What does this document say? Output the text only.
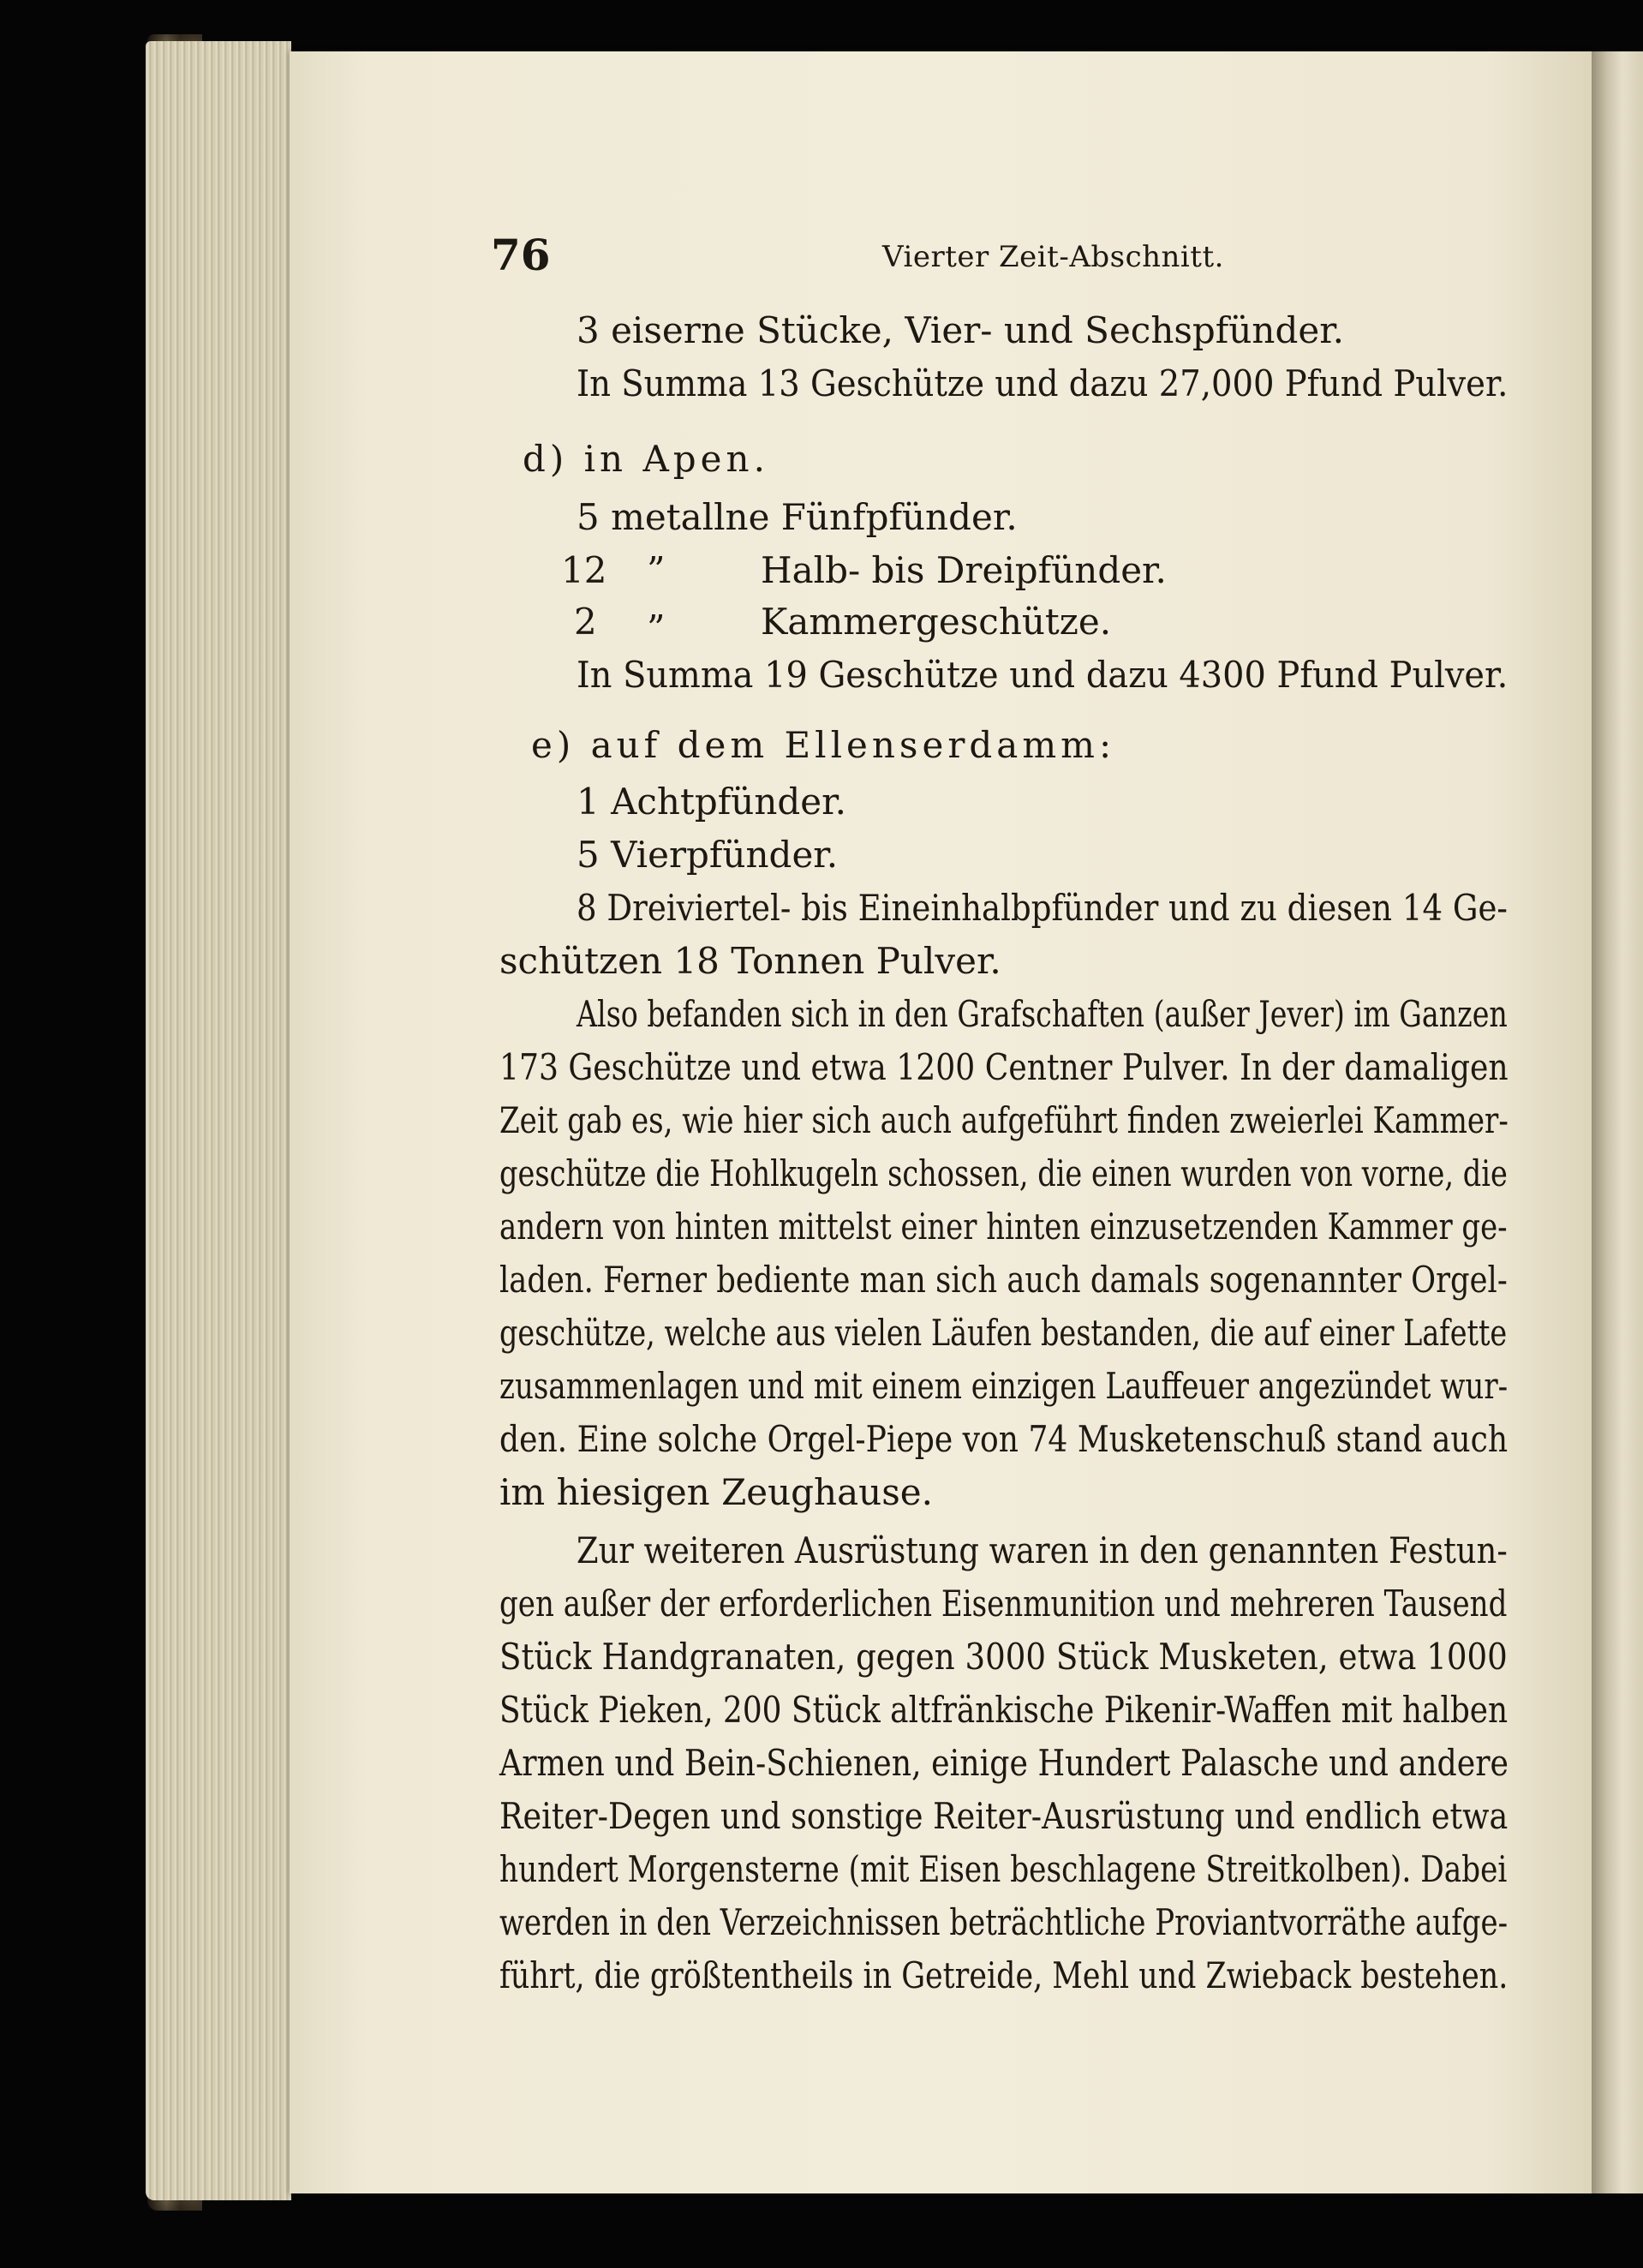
76	Vierter Zeit-Abschnitt.
3 eiserne Stücke, Vier- und Sechspfünder.
In Summa 13 Geschütze und dazu 27,000 Pfund Pulver.
d) in Apen.
5 metallne Fünfpfünder.
12 ”	Halb- bis Dreipfünder.
2 ”	Kammergeschütze.
In Summa 19 Geschütze und dazu 4300 Pfund Pulver.
e) auf dem Ellenserdamm:
1 Achtpfünder.
5 Vierpfünder.
8 Dreiviertel- bis Eineinhalbpfünder und zu diesen 14 Ge-
schützen 18 Tonnen Pulver.
Also befanden sich in den Grafschaften (außer Jever) im Ganzen
173 Geschütze und etwa 1200 Centner Pulver. In der damaligen
Zeit gab es, wie hier sich auch aufgeführt finden zweierlei Kammer-
geschütze die Hohlkugeln schossen, die einen wurden von vorne, die
andern von hinten mittelst einer hinten einzusetzenden Kammer ge-
laden. Ferner bediente man sich auch damals sogenannter Orgel-
geschütze, welche aus vielen Läufen bestanden, die auf einer Lafette
zusammenlagen und mit einem einzigen Lauffeuer angezündet wur-
den. Eine solche Orgel-Piepe von 74 Musketenschuß stand auch
im hiesigen Zeughause.
Zur weiteren Ausrüstung waren in den genannten Festun-
gen außer der erforderlichen Eisenmunition und mehreren Tausend
Stück Handgranaten, gegen 3000 Stück Musketen, etwa 1000
Stück Pieken, 200 Stück altfränkische Pikenir-Waffen mit halben
Armen und Bein-Schienen, einige Hundert Palasche und andere
Reiter-Degen und sonstige Reiter-Ausrüstung und endlich etwa
hundert Morgensterne (mit Eisen beschlagene Streitkolben). Dabei
werden in den Verzeichnissen beträchtliche Proviantvorräthe aufge-
führt, die größtentheils in Getreide, Mehl und Zwieback bestehen.
